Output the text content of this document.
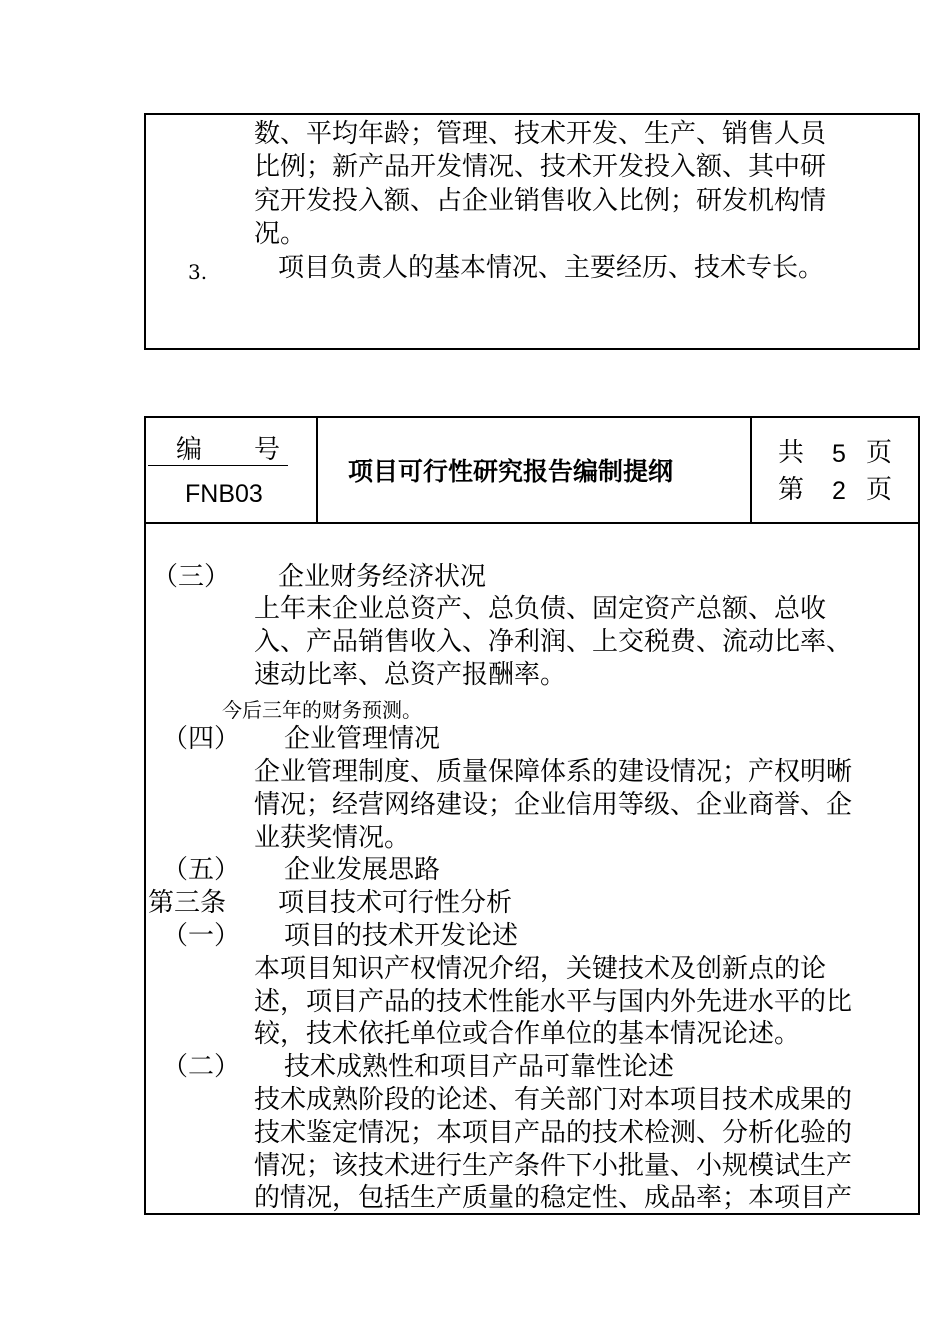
数、平均年龄；管理、技术开发、生产、销售人员
比例；新产品开发情况、技术开发投入额、其中研
究开发投入额、占企业销售收入比例；研发机构情
况。
3.	项目负责人的基本情况、主要经历、技术专长。
编　　号
FNB03
项目可行性研究报告编制提纲
共 5 页
第 2 页
（三） 企业财务经济状况
上年末企业总资产、总负债、固定资产总额、总收
入、产品销售收入、净利润、上交税费、流动比率、
速动比率、总资产报酬率。
今后三年的财务预测。
（四） 企业管理情况
企业管理制度、质量保障体系的建设情况；产权明晰
情况；经营网络建设；企业信用等级、企业商誉、企
业获奖情况。
（五） 企业发展思路
第三条 项目技术可行性分析
（一） 项目的技术开发论述
本项目知识产权情况介绍，关键技术及创新点的论
述，项目产品的技术性能水平与国内外先进水平的比
较，技术依托单位或合作单位的基本情况论述。
（二） 技术成熟性和项目产品可靠性论述
技术成熟阶段的论述、有关部门对本项目技术成果的
技术鉴定情况；本项目产品的技术检测、分析化验的
情况；该技术进行生产条件下小批量、小规模试生产
的情况，包括生产质量的稳定性、成品率；本项目产
